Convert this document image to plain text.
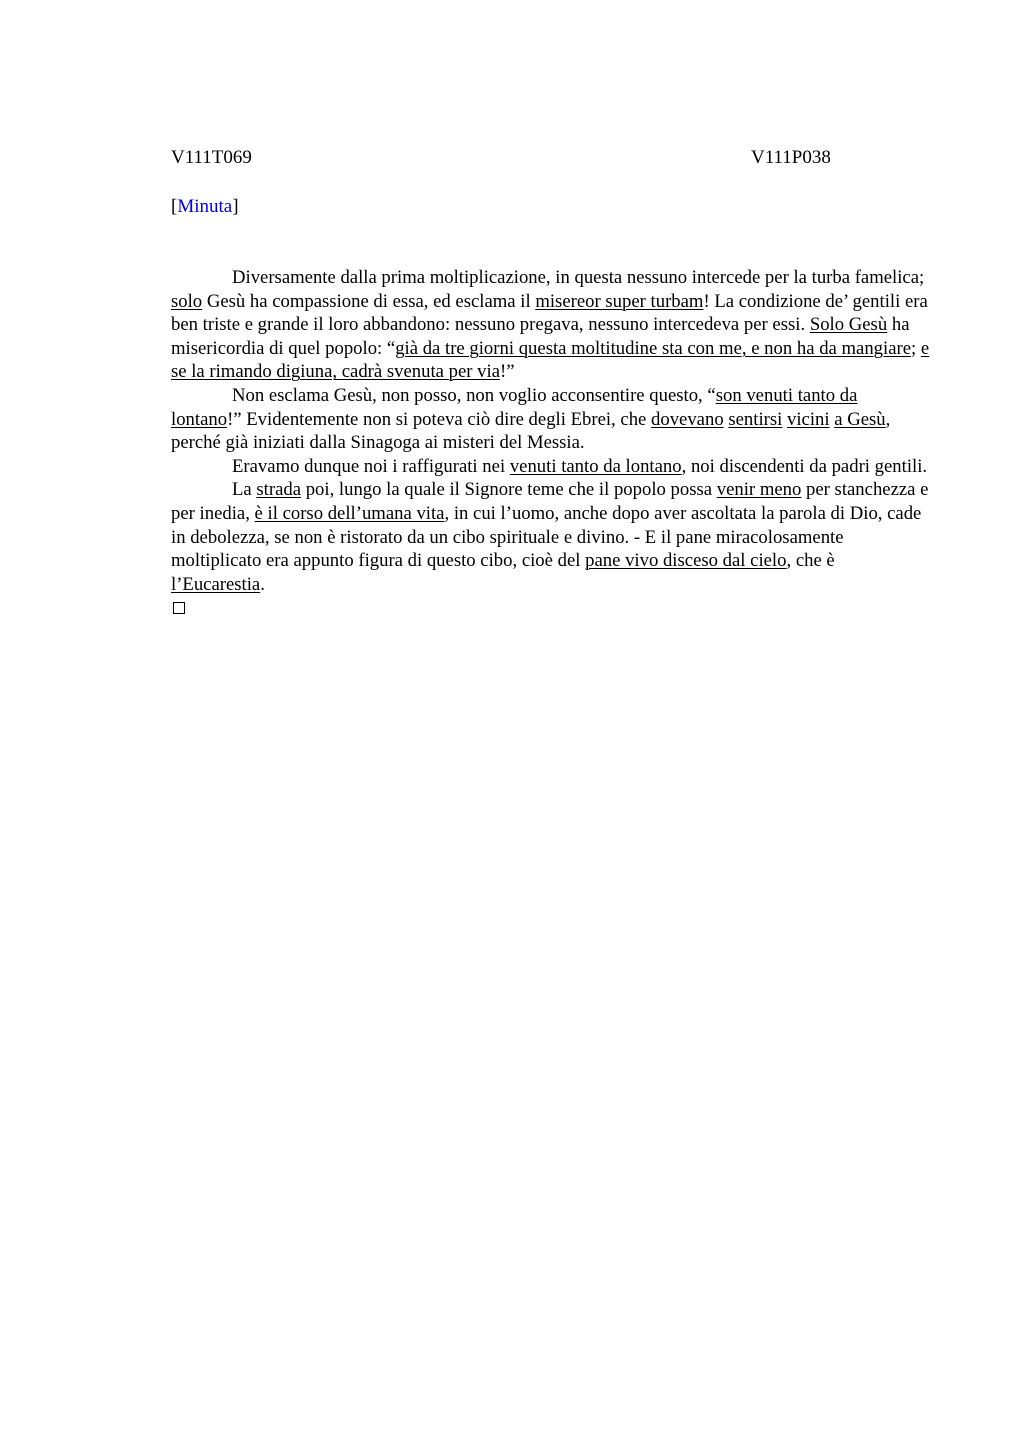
V111T069	V111P038
[Minuta]

Diversamente dalla prima moltiplicazione, in questa nessuno intercede per la turba famelica; solo Gesù ha compassione di essa, ed esclama il misereor super turbam! La condizione de’ gentili era ben triste e grande il loro abbandono: nessuno pregava, nessuno intercedeva per essi. Solo Gesù ha misericordia di quel popolo: “già da tre giorni questa moltitudine sta con me, e non ha da mangiare; e se la rimando digiuna, cadrà svenuta per via!”

Non esclama Gesù, non posso, non voglio acconsentire questo, “son venuti tanto da lontano!” Evidentemente non si poteva ciò dire degli Ebrei, che dovevano sentirsi vicini a Gesù, perché già iniziati dalla Sinagoga ai misteri del Messia.

Eravamo dunque noi i raffigurati nei venuti tanto da lontano, noi discendenti da padri gentili.

La strada poi, lungo la quale il Signore teme che il popolo possa venir meno per stanchezza e per inedia, è il corso dell’umana vita, in cui l’uomo, anche dopo aver ascoltata la parola di Dio, cade in debolezza, se non è ristorato da un cibo spirituale e divino. - E il pane miracolosamente moltiplicato era appunto figura di questo cibo, cioè del pane vivo disceso dal cielo, che è l’Eucarestia.
